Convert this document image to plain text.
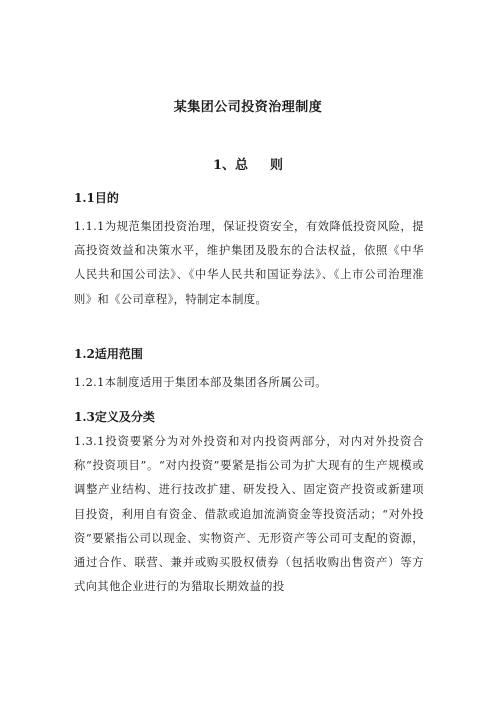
某集团公司投资治理制度
1、总 则
1.1目的
1.1.1为规范集团投资治理，保证投资安全，有效降低投资风险，提高投资效益和决策水平，维护集团及股东的合法权益，依照《中华人民共和国公司法》、《中华人民共和国证券法》、《上市公司治理准则》和《公司章程》，特制定本制度。
1.2适用范围
1.2.1本制度适用于集团本部及集团各所属公司。
1.3定义及分类
1.3.1投资要紧分为对外投资和对内投资两部分，对内对外投资合称“投资项目”。“对内投资”要紧是指公司为扩大现有的生产规模或调整产业结构、进行技改扩建、研发投入、固定资产投资或新建项目投资，利用自有资金、借款或追加流淌资金等投资活动；“对外投资”要紧指公司以现金、实物资产、无形资产等公司可支配的资源，通过合作、联营、兼并或购买股权债券（包括收购出售资产）等方式向其他企业进行的为猎取长期效益的投
